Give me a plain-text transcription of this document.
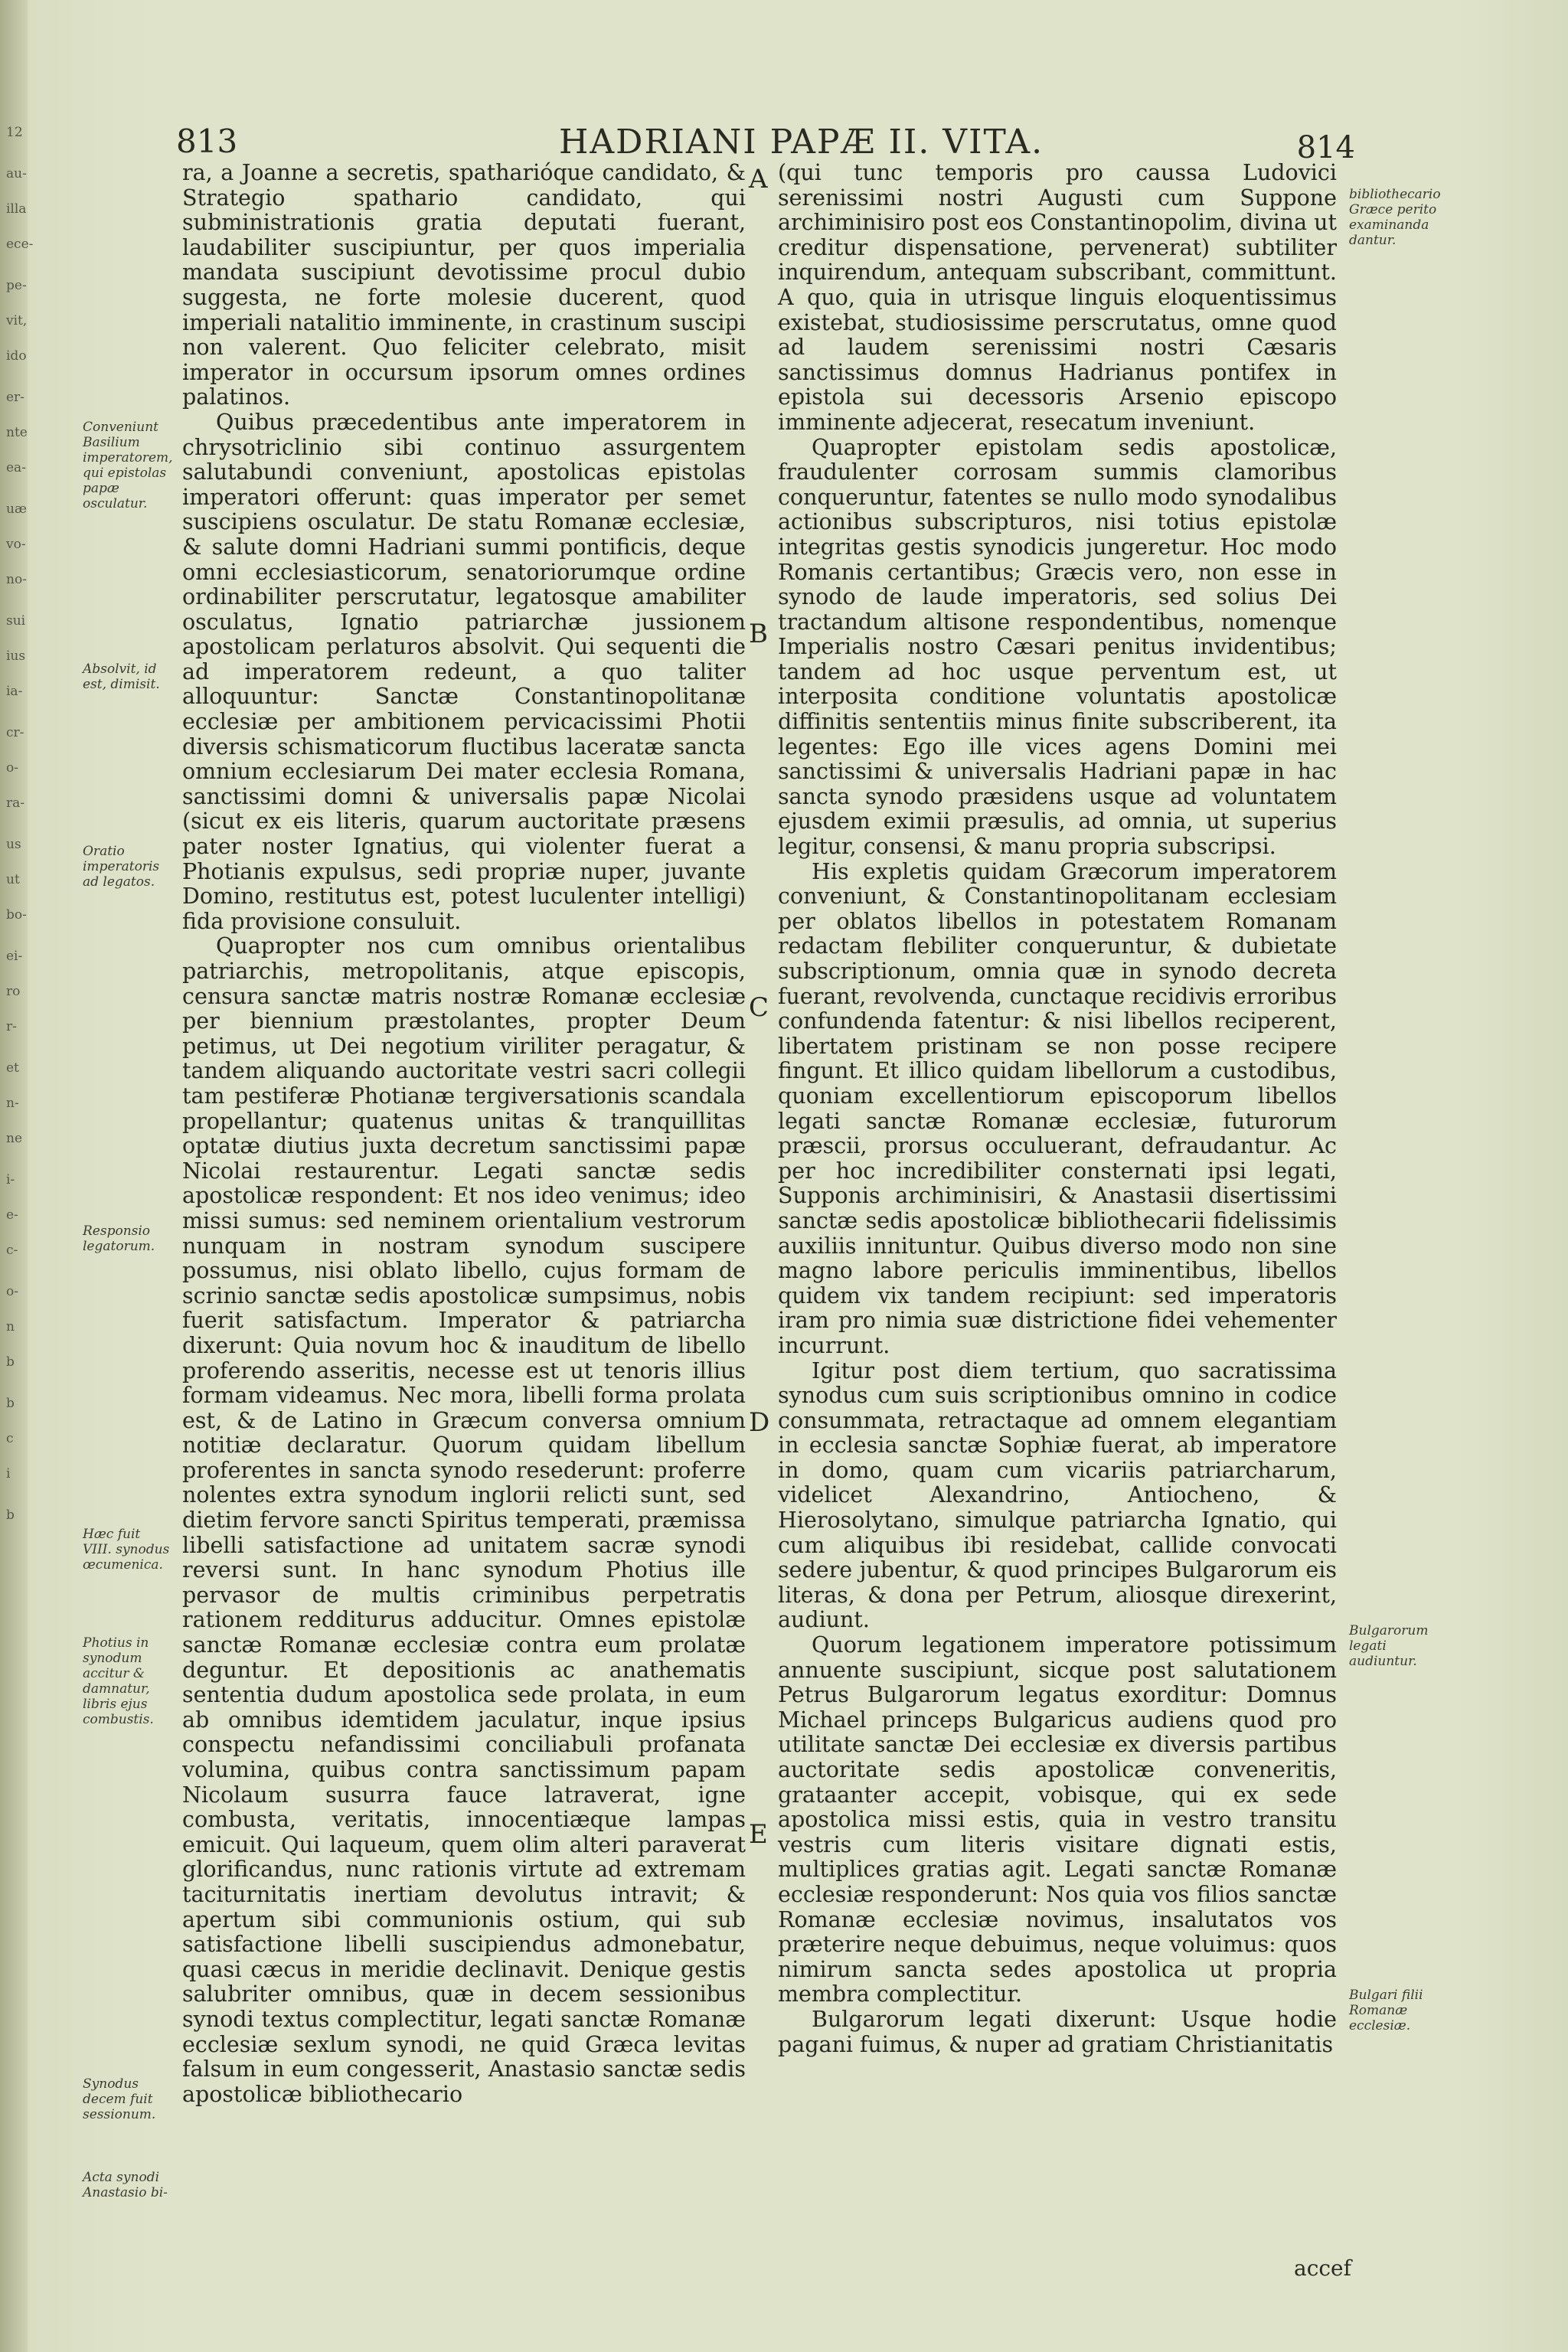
12
au-
illa
ece-
pe-
vit,
ido
er-
nte
ea-
uæ
vo-
no-
sui
ius
ia-
cr-
o-
ra-
us
ut
bo-
ei-
ro
r-
et
n-
ne
i-
e-
c-
o-
n
b
b
c
i
b
813	HADRIANI PAPÆ II. VITA.	814
Conveniunt Basilium imperatorem, qui epistolas papæ osculatur.
Absolvit, id est, dimisit.
Oratio imperatoris ad legatos.
Responsio legatorum.
Hæc fuit VIII. synodus œcumenica.
Photius in synodum accitur & damnatur, libris ejus combustis.
Synodus decem fuit sessionum.
Acta synodi Anastasio bi-

ra, a Joanne a secretis, spathariόque candidato, & Strategio spathario candidato, qui subministrationis gratia deputati fuerant, laudabiliter suscipiuntur, per quos imperialia mandata suscipiunt devotissime procul dubio suggesta, ne forte molesie ducerent, quod imperiali natalitio imminente, in crastinum suscipi non valerent. Quo feliciter celebrato, misit imperator in occursum ipsorum omnes ordines palatinos.

Quibus præcedentibus ante imperatorem in chrysotriclinio sibi continuo assurgentem salutabundi conveniunt, apostolicas epistolas imperatori offerunt: quas imperator per semet suscipiens osculatur. De statu Romanæ ecclesiæ, & salute domni Hadriani summi pontificis, deque omni ecclesiasticorum, senatoriorumque ordine ordinabiliter perscrutatur, legatosque amabiliter osculatus, Ignatio patriarchæ jussionem apostolicam perlaturos absolvit. Qui sequenti die ad imperatorem redeunt, a quo taliter alloquuntur: Sanctæ Constantinopolitanæ ecclesiæ per ambitionem pervicacissimi Photii diversis schismaticorum fluctibus laceratæ sancta omnium ecclesiarum Dei mater ecclesia Romana, sanctissimi domni & universalis papæ Nicolai (sicut ex eis literis, quarum auctoritate præsens pater noster Ignatius, qui violenter fuerat a Photianis expulsus, sedi propriæ nuper, juvante Domino, restitutus est, potest luculenter intelligi) fida provisione consuluit.

Quapropter nos cum omnibus orientalibus patriarchis, metropolitanis, atque episcopis, censura sanctæ matris nostræ Romanæ ecclesiæ per biennium præstolantes, propter Deum petimus, ut Dei negotium viriliter peragatur, & tandem aliquando auctoritate vestri sacri collegii tam pestiferæ Photianæ tergiversationis scandala propellantur; quatenus unitas & tranquillitas optatæ diutius juxta decretum sanctissimi papæ Nicolai restaurentur. Legati sanctæ sedis apostolicæ respondent: Et nos ideo venimus; ideo missi sumus: sed neminem orientalium vestrorum nunquam in nostram synodum suscipere possumus, nisi oblato libello, cujus formam de scrinio sanctæ sedis apostolicæ sumpsimus, nobis fuerit satisfactum. Imperator & patriarcha dixerunt: Quia novum hoc & inauditum de libello proferendo asseritis, necesse est ut tenoris illius formam videamus. Nec mora, libelli forma prolata est, & de Latino in Græcum conversa omnium notitiæ declaratur. Quorum quidam libellum proferentes in sancta synodo resederunt: proferre nolentes extra synodum inglorii relicti sunt, sed dietim fervore sancti Spiritus temperati, præmissa libelli satisfactione ad unitatem sacræ synodi reversi sunt. In hanc synodum Photius ille pervasor de multis criminibus perpetratis rationem redditurus adducitur. Omnes epistolæ sanctæ Romanæ ecclesiæ contra eum prolatæ deguntur. Et depositionis ac anathematis sententia dudum apostolica sede prolata, in eum ab omnibus idemtidem jaculatur, inque ipsius conspectu nefandissimi conciliabuli profanata volumina, quibus contra sanctissimum papam Nicolaum susurra fauce latraverat, igne combusta, veritatis, innocentiæque lampas emicuit. Qui laqueum, quem olim alteri paraverat glorificandus, nunc rationis virtute ad extremam taciturnitatis inertiam devolutus intravit; & apertum sibi communionis ostium, qui sub satisfactione libelli suscipiendus admonebatur, quasi cæcus in meridie declinavit. Denique gestis salubriter omnibus, quæ in decem sessionibus synodi textus complectitur, legati sanctæ Romanæ ecclesiæ sexlum synodi, ne quid Græca levitas falsum in eum congesserit, Anastasio sanctæ sedis apostolicæ bibliothecario

A
B
C
D
E

(qui tunc temporis pro caussa Ludovici serenissimi nostri Augusti cum Suppone archiminisiro post eos Constantinopolim, divina ut creditur dispensatione, pervenerat) subtiliter inquirendum, antequam subscribant, committunt. A quo, quia in utrisque linguis eloquentissimus existebat, studiosissime perscrutatus, omne quod ad laudem serenissimi nostri Cæsaris sanctissimus domnus Hadrianus pontifex in epistola sui decessoris Arsenio episcopo imminente adjecerat, resecatum inveniunt.

Quapropter epistolam sedis apostolicæ, fraudulenter corrosam summis clamoribus conqueruntur, fatentes se nullo modo synodalibus actionibus subscripturos, nisi totius epistolæ integritas gestis synodicis jungeretur. Hoc modo Romanis certantibus; Græcis vero, non esse in synodo de laude imperatoris, sed solius Dei tractandum altisone respondentibus, nomenque Imperialis nostro Cæsari penitus invidentibus; tandem ad hoc usque perventum est, ut interposita conditione voluntatis apostolicæ diffinitis sententiis minus finite subscriberent, ita legentes: Ego ille vices agens Domini mei sanctissimi & universalis Hadriani papæ in hac sancta synodo præsidens usque ad voluntatem ejusdem eximii præsulis, ad omnia, ut superius legitur, consensi, & manu propria subscripsi.

His expletis quidam Græcorum imperatorem conveniunt, & Constantinopolitanam ecclesiam per oblatos libellos in potestatem Romanam redactam flebiliter conqueruntur, & dubietate subscriptionum, omnia quæ in synodo decreta fuerant, revolvenda, cunctaque recidivis erroribus confundenda fatentur: & nisi libellos reciperent, libertatem pristinam se non posse recipere fingunt. Et illico quidam libellorum a custodibus, quoniam excellentiorum episcoporum libellos legati sanctæ Romanæ ecclesiæ, futurorum præscii, prorsus occuluerant, defraudantur. Ac per hoc incredibiliter consternati ipsi legati, Supponis archiminisiri, & Anastasii disertissimi sanctæ sedis apostolicæ bibliothecarii fidelissimis auxiliis innituntur. Quibus diverso modo non sine magno labore periculis imminentibus, libellos quidem vix tandem recipiunt: sed imperatoris iram pro nimia suæ districtione fidei vehementer incurrunt.

Igitur post diem tertium, quo sacratissima synodus cum suis scriptionibus omnino in codice consummata, retractaque ad omnem elegantiam in ecclesia sanctæ Sophiæ fuerat, ab imperatore in domo, quam cum vicariis patriarcharum, videlicet Alexandrino, Antiocheno, & Hierosolytano, simulque patriarcha Ignatio, qui cum aliquibus ibi residebat, callide convocati sedere jubentur, & quod principes Bulgarorum eis literas, & dona per Petrum, aliosque direxerint, audiunt.

Quorum legationem imperatore potissimum annuente suscipiunt, sicque post salutationem Petrus Bulgarorum legatus exorditur: Domnus Michael princeps Bulgaricus audiens quod pro utilitate sanctæ Dei ecclesiæ ex diversis partibus auctoritate sedis apostolicæ conveneritis, grataanter accepit, vobisque, qui ex sede apostolica missi estis, quia in vestro transitu vestris cum literis visitare dignati estis, multiplices gratias agit. Legati sanctæ Romanæ ecclesiæ responderunt: Nos quia vos filios sanctæ Romanæ ecclesiæ novimus, insalutatos vos præterire neque debuimus, neque voluimus: quos nimirum sancta sedes apostolica ut propria membra complectitur.

Bulgarorum legati dixerunt: Usque hodie pagani fuimus, & nuper ad gratiam Christianitatis

accef
bibliothecario Græce perito examinanda dantur.
Bulgarorum legati audiuntur.
Bulgari filii Romanæ ecclesiæ.
